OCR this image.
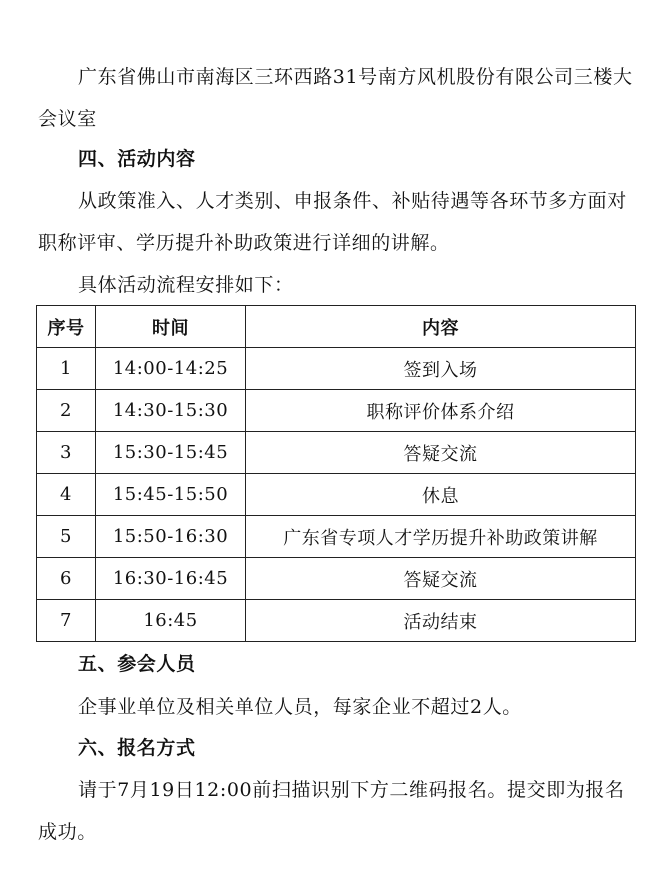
广东省佛山市南海区三环西路31号南方风机股份有限公司三楼大会议室

四、活动内容

从政策准入、人才类别、申报条件、补贴待遇等各环节多方面对职称评审、学历提升补助政策进行详细的讲解。

具体活动流程安排如下：

序号	时间	内容
1	14:00-14:25	签到入场
2	14:30-15:30	职称评价体系介绍
3	15:30-15:45	答疑交流
4	15:45-15:50	休息
5	15:50-16:30	广东省专项人才学历提升补助政策讲解
6	16:30-16:45	答疑交流
7	16:45	活动结束

五、参会人员

企事业单位及相关单位人员，每家企业不超过2人。

六、报名方式

请于7月19日12:00前扫描识别下方二维码报名。提交即为报名成功。
